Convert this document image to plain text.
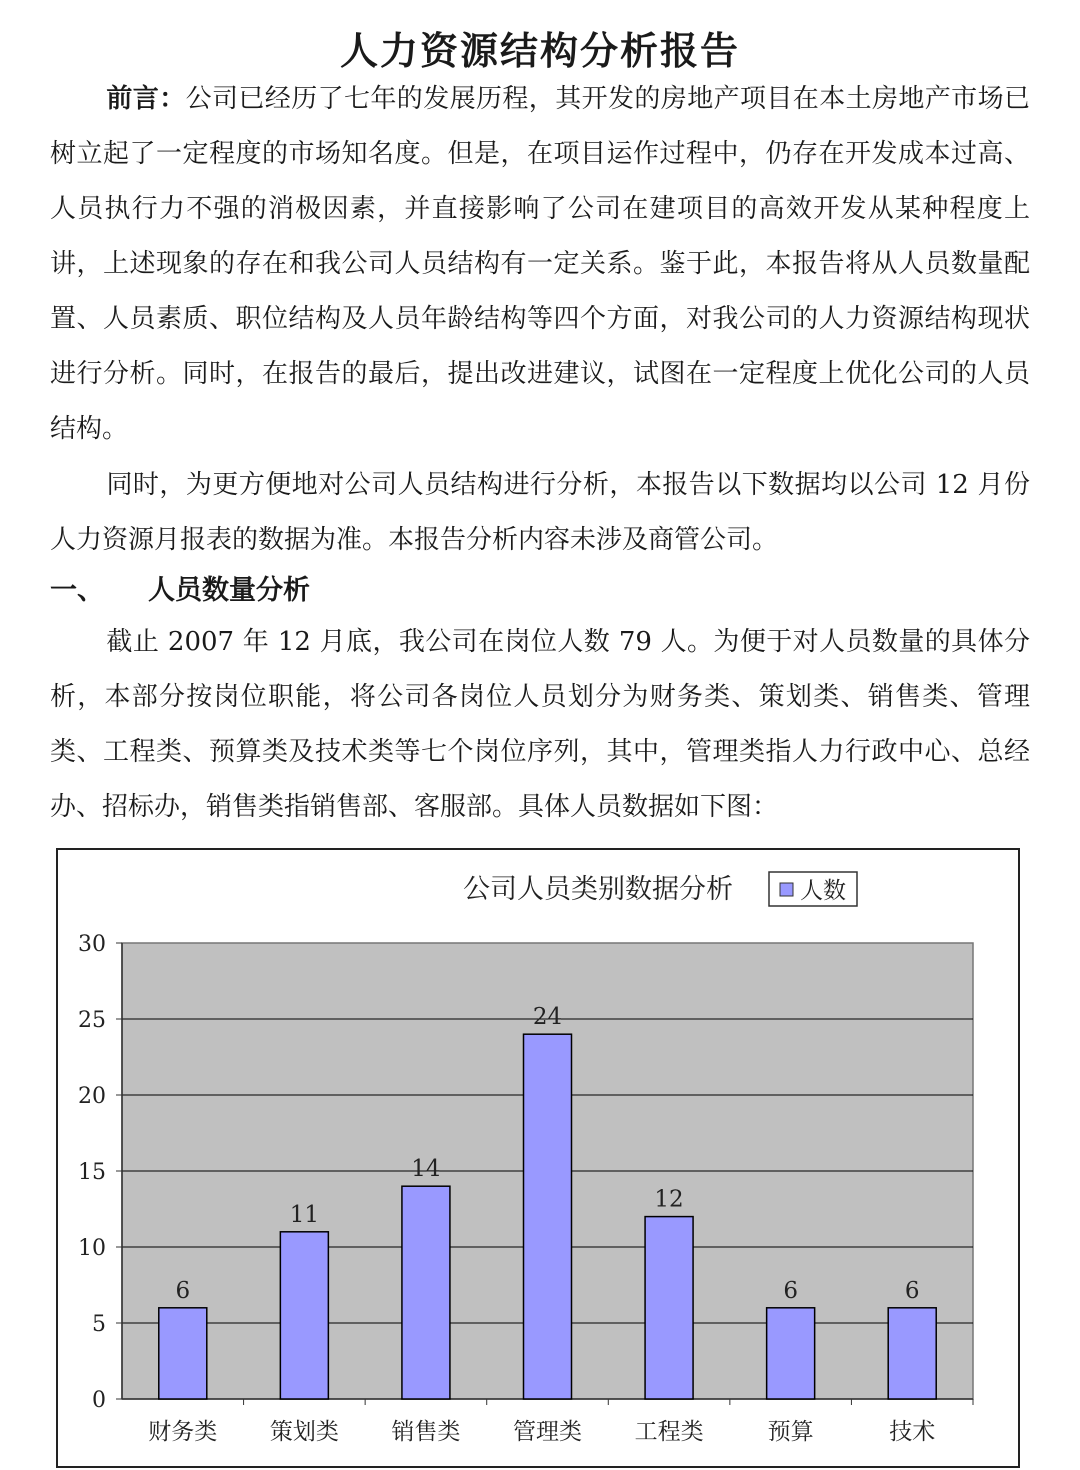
人力资源结构分析报告

前言：公司已经历了七年的发展历程，其开发的房地产项目在本土房地产市场已树立起了一定程度的市场知名度。但是，在项目运作过程中，仍存在开发成本过高、人员执行力不强的消极因素，并直接影响了公司在建项目的高效开发从某种程度上讲，上述现象的存在和我公司人员结构有一定关系。鉴于此，本报告将从人员数量配置、人员素质、职位结构及人员年龄结构等四个方面，对我公司的人力资源结构现状进行分析。同时，在报告的最后，提出改进建议，试图在一定程度上优化公司的人员结构。

同时，为更方便地对公司人员结构进行分析，本报告以下数据均以公司 12 月份人力资源月报表的数据为准。本报告分析内容未涉及商管公司。

一、 人员数量分析

截止 2007 年 12 月底，我公司在岗位人数 79 人。为便于对人员数量的具体分析，本部分按岗位职能，将公司各岗位人员划分为财务类、策划类、销售类、管理类、工程类、预算类及技术类等七个岗位序列，其中，管理类指人力行政中心、总经办、招标办，销售类指销售部、客服部。具体人员数据如下图：

公司人员类别数据分析	人数
0
5
10
15
20
25
30
6
财务类
11
策划类
14
销售类
24
管理类
12
工程类
6
预算
6
技术
